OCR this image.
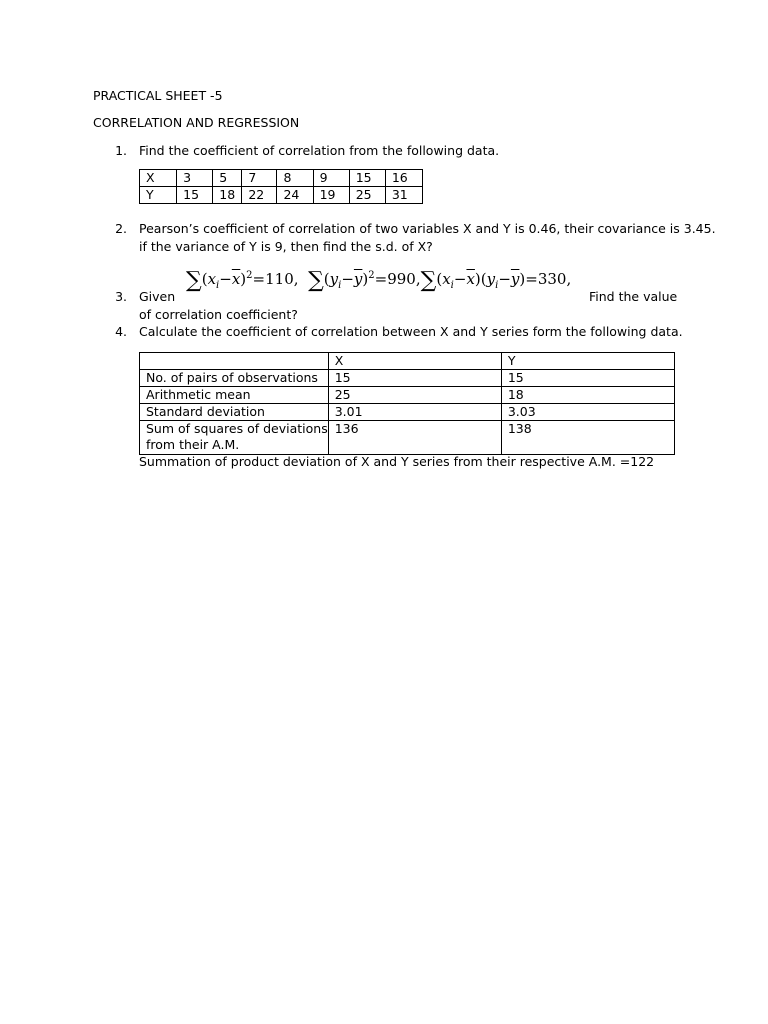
PRACTICAL SHEET -5
CORRELATION AND REGRESSION
1. Find the coefficient of correlation from the following data.
X	3	5	7	8	9	15	16
Y	15	18	22	24	19	25	31
2. Pearson’s coefficient of correlation of two variables X and Y is 0.46, their covariance is 3.45.
if the variance of Y is 9, then find the s.d. of X?
$\sum(x_i-\overline{x})^2=110$,  $\sum(y_i-\overline{y})^2=990,\sum(x_i-\overline{x})(y_i-\overline{y})=330$,
3. Given	Find the value
of correlation coefficient?
4. Calculate the coefficient of correlation between X and Y series form the following data.
	X	Y
No. of pairs of observations	15	15
Arithmetic mean	25	18
Standard deviation	3.01	3.03

Sum of squares of deviations
from their A.M.	136	138
Summation of product deviation of X and Y series from their respective A.M. =122
